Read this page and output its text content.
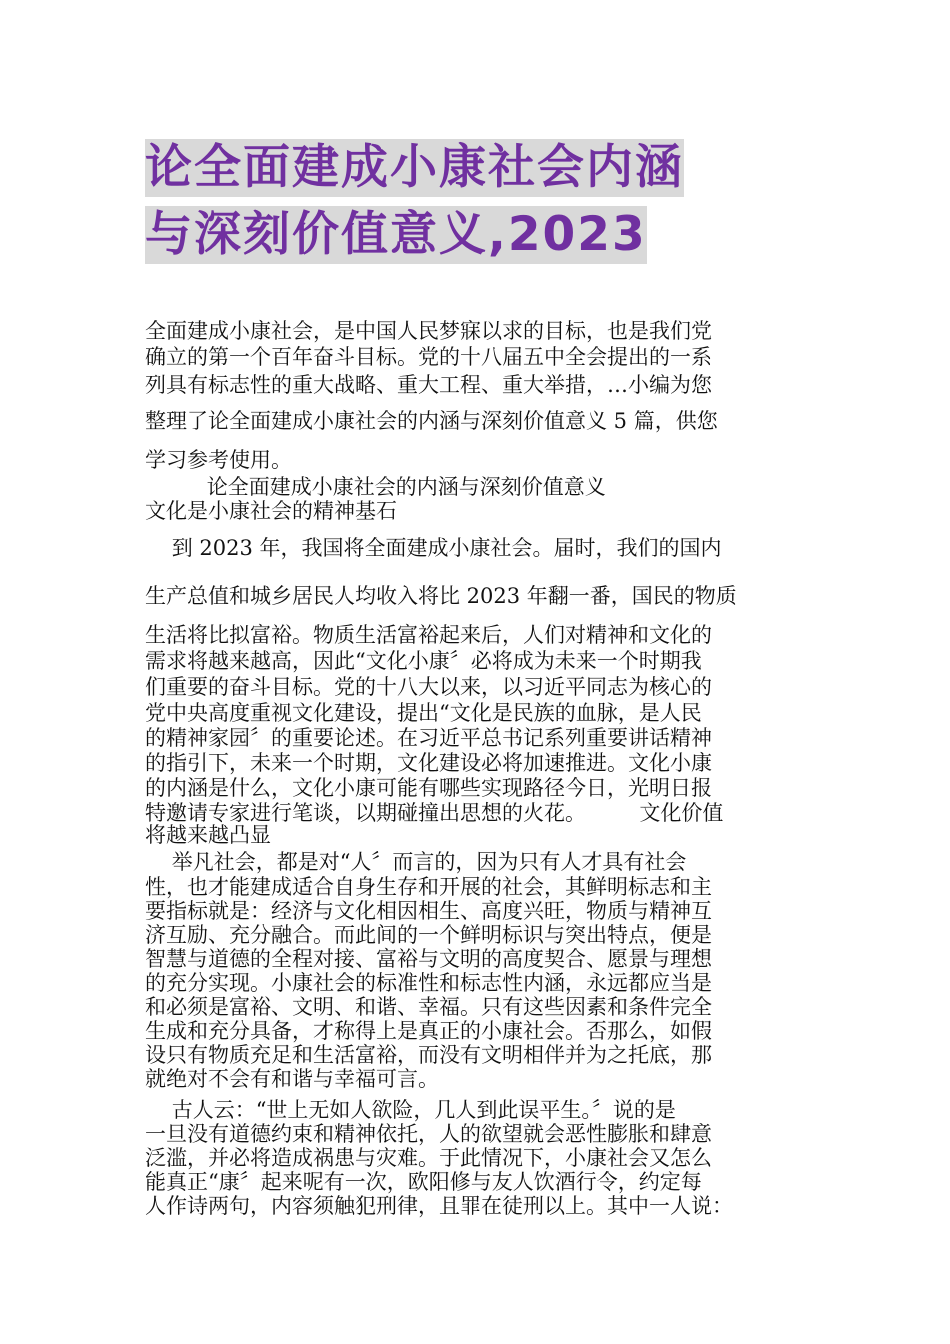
论全面建成小康社会内涵
与深刻价值意义,2023
全面建成小康社会，是中国人民梦寐以求的目标，也是我们党
确立的第一个百年奋斗目标。党的十八届五中全会提出的一系
列具有标志性的重大战略、重大工程、重大举措，…小编为您
整理了论全面建成小康社会的内涵与深刻价值意义 5 篇，供您
学习参考使用。
论全面建成小康社会的内涵与深刻价值意义
文化是小康社会的精神基石
到 2023 年，我国将全面建成小康社会。届时，我们的国内
生产总值和城乡居民人均收入将比 2023 年翻一番，国民的物质
生活将比拟富裕。物质生活富裕起来后，人们对精神和文化的
需求将越来越高，因此“文化小康〞必将成为未来一个时期我
们重要的奋斗目标。党的十八大以来，以习近平同志为核心的
党中央高度重视文化建设，提出“文化是民族的血脉，是人民
的精神家园〞的重要论述。在习近平总书记系列重要讲话精神
的指引下，未来一个时期，文化建设必将加速推进。文化小康
的内涵是什么，文化小康可能有哪些实现路径今日，光明日报
特邀请专家进行笔谈，以期碰撞出思想的火花。        文化价值
将越来越凸显
举凡社会，都是对“人〞而言的，因为只有人才具有社会
性，也才能建成适合自身生存和开展的社会，其鲜明标志和主
要指标就是：经济与文化相因相生、高度兴旺，物质与精神互
济互励、充分融合。而此间的一个鲜明标识与突出特点，便是
智慧与道德的全程对接、富裕与文明的高度契合、愿景与理想
的充分实现。小康社会的标准性和标志性内涵，永远都应当是
和必须是富裕、文明、和谐、幸福。只有这些因素和条件完全
生成和充分具备，才称得上是真正的小康社会。否那么，如假
设只有物质充足和生活富裕，而没有文明相伴并为之托底，那
就绝对不会有和谐与幸福可言。
古人云：“世上无如人欲险，几人到此误平生。〞说的是
一旦没有道德约束和精神依托，人的欲望就会恶性膨胀和肆意
泛滥，并必将造成祸患与灾难。于此情况下，小康社会又怎么
能真正“康〞起来呢有一次，欧阳修与友人饮酒行令，约定每
人作诗两句，内容须触犯刑律，且罪在徒刑以上。其中一人说：
